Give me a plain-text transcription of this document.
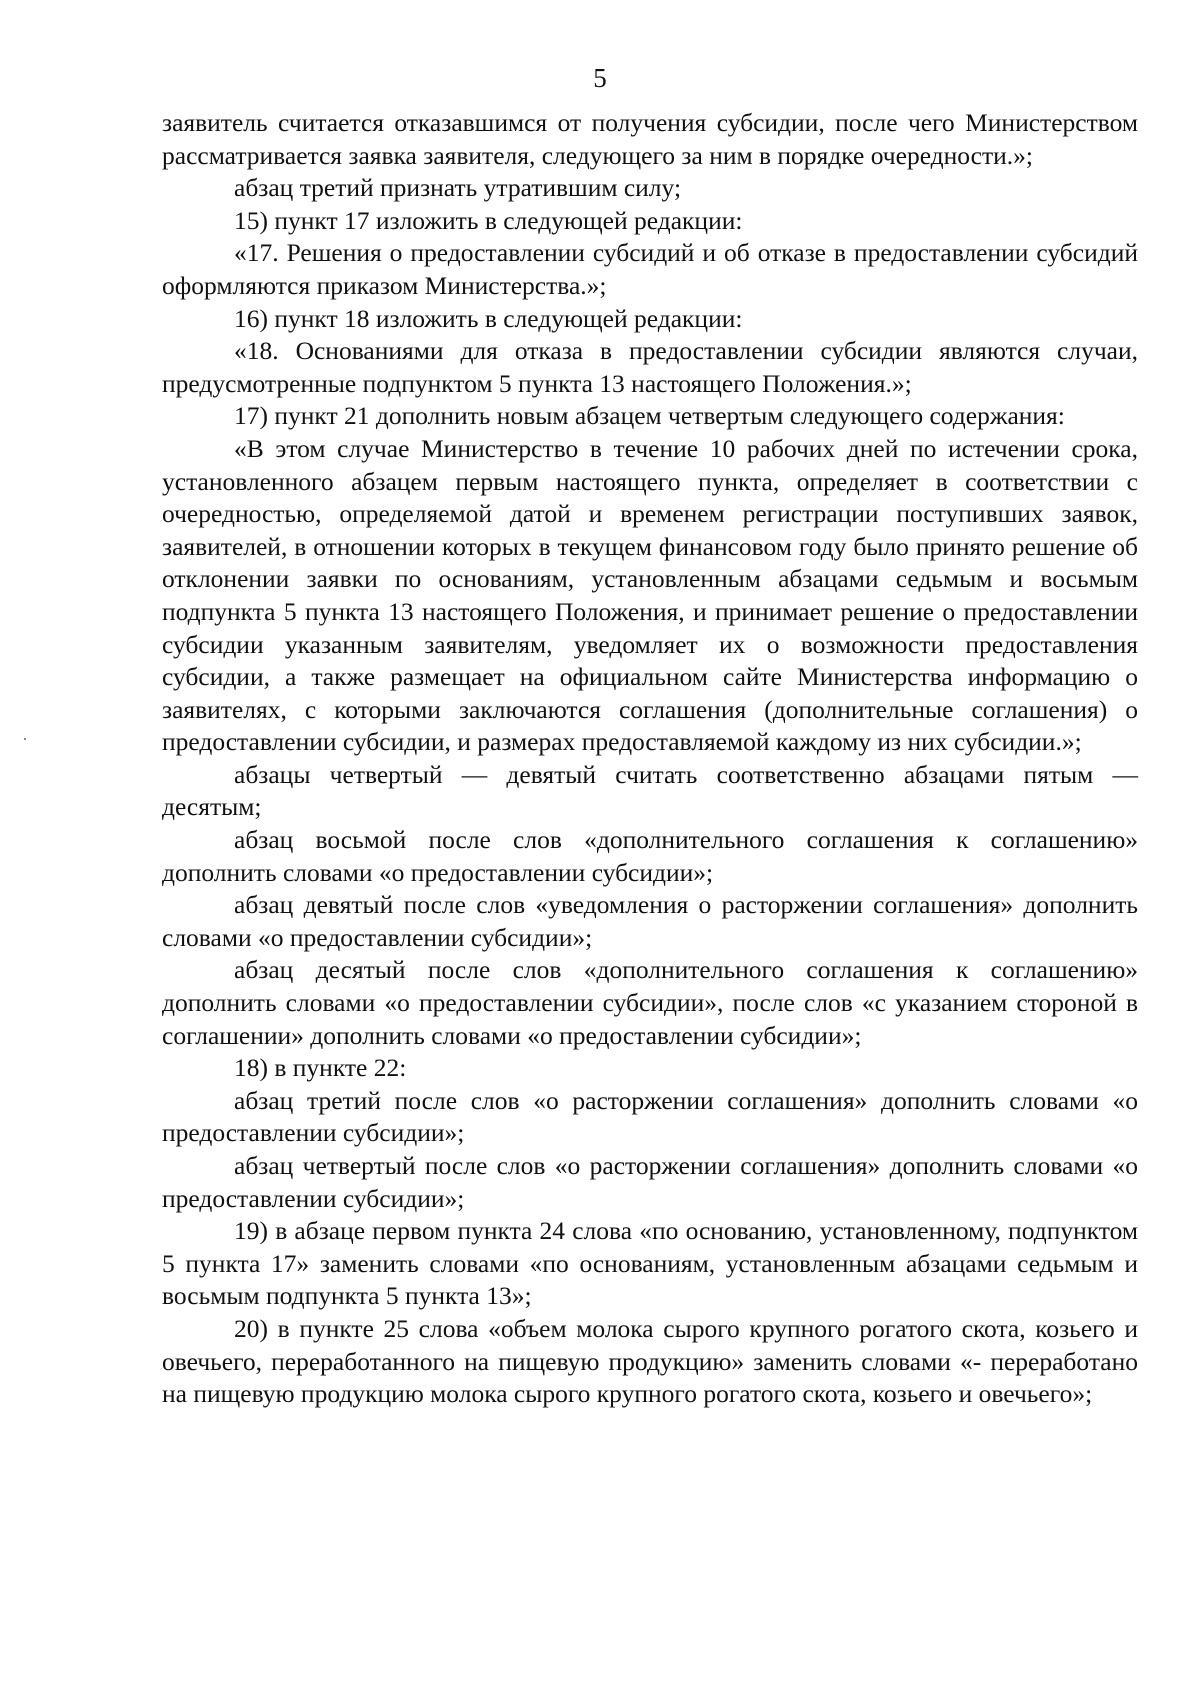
5

заявитель считается отказавшимся от получения субсидии, после чего Министерством рассматривается заявка заявителя, следующего за ним в порядке очередности.»;

абзац третий признать утратившим силу;

15) пункт 17 изложить в следующей редакции:

«17. Решения о предоставлении субсидий и об отказе в предоставлении субсидий оформляются приказом Министерства.»;

16) пункт 18 изложить в следующей редакции:

«18. Основаниями для отказа в предоставлении субсидии являются случаи, предусмотренные подпунктом 5 пункта 13 настоящего Положения.»;

17) пункт 21 дополнить новым абзацем четвертым следующего содержания:

«В этом случае Министерство в течение 10 рабочих дней по истечении срока, установленного абзацем первым настоящего пункта, определяет в соответствии с очередностью, определяемой датой и временем регистрации поступивших заявок, заявителей, в отношении которых в текущем финансовом году было принято решение об отклонении заявки по основаниям, установленным абзацами седьмым и восьмым подпункта 5 пункта 13 настоящего Положения, и принимает решение о предоставлении субсидии указанным заявителям, уведомляет их о возможности предоставления субсидии, а также размещает на официальном сайте Министерства информацию о заявителях, с которыми заключаются соглашения (дополнительные соглашения) о предоставлении субсидии, и размерах предоставляемой каждому из них субсидии.»;

абзацы четвертый — девятый считать соответственно абзацами пятым — десятым;

абзац восьмой после слов «дополнительного соглашения к соглашению» дополнить словами «о предоставлении субсидии»;

абзац девятый после слов «уведомления о расторжении соглашения» дополнить словами «о предоставлении субсидии»;

абзац десятый после слов «дополнительного соглашения к соглашению» дополнить словами «о предоставлении субсидии», после слов «с указанием стороной в соглашении» дополнить словами «о предоставлении субсидии»;

18) в пункте 22:

абзац третий после слов «о расторжении соглашения» дополнить словами «о предоставлении субсидии»;

абзац четвертый после слов «о расторжении соглашения» дополнить словами «о предоставлении субсидии»;

19) в абзаце первом пункта 24 слова «по основанию, установленному, подпунктом 5 пункта 17» заменить словами «по основаниям, установленным абзацами седьмым и восьмым подпункта 5 пункта 13»;

20) в пункте 25 слова «объем молока сырого крупного рогатого скота, козьего и овечьего, переработанного на пищевую продукцию» заменить словами «- переработано на пищевую продукцию молока сырого крупного рогатого скота, козьего и овечьего»;
